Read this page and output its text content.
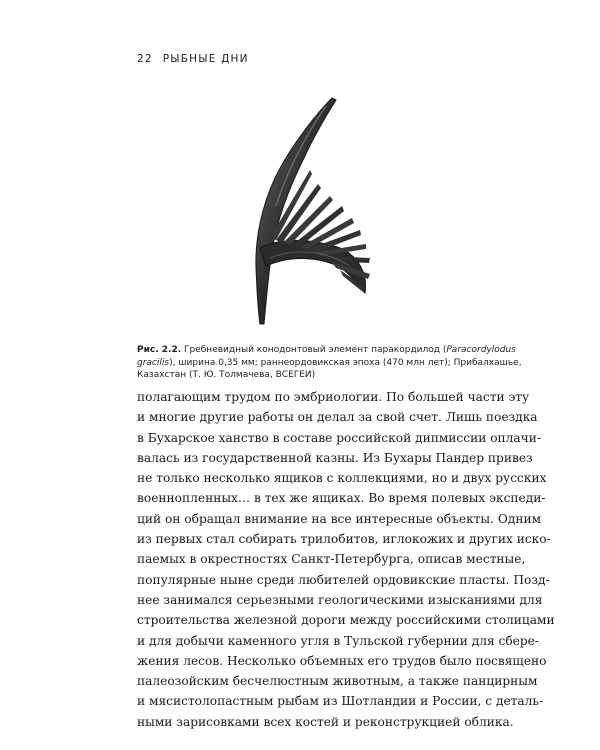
22 РЫБНЫЕ ДНИ
Рис. 2.2. Гребневидный конодонтовый элемент паракордилод (Paracordylodus
gracilis), ширина 0,35 мм; раннеордовикская эпоха (470 млн лет); Прибалхашье,
Казахстан (Т. Ю. Толмачева, ВСЕГЕИ)
полагающим трудом по эмбриологии. По большей части эту
и многие другие работы он делал за свой счет. Лишь поездка
в Бухарское ханство в составе российской дипмиссии оплачи-
валась из государственной казны. Из Бухары Пандер привез
не только несколько ящиков с коллекциями, но и двух русских
военнопленных… в тех же ящиках. Во время полевых экспеди-
ций он обращал внимание на все интересные объекты. Одним
из первых стал собирать трилобитов, иглокожих и других иско-
паемых в окрестностях Санкт-Петербурга, описав местные,
популярные ныне среди любителей ордовикские пласты. Позд-
нее занимался серьезными геологическими изысканиями для
строительства железной дороги между российскими столицами
и для добычи каменного угля в Тульской губернии для сбере-
жения лесов. Несколько объемных его трудов было посвящено
палеозойским бесчелюстным животным, а также панцирным
и мясистолопастным рыбам из Шотландии и России, с деталь-
ными зарисовками всех костей и реконструкцией облика.
